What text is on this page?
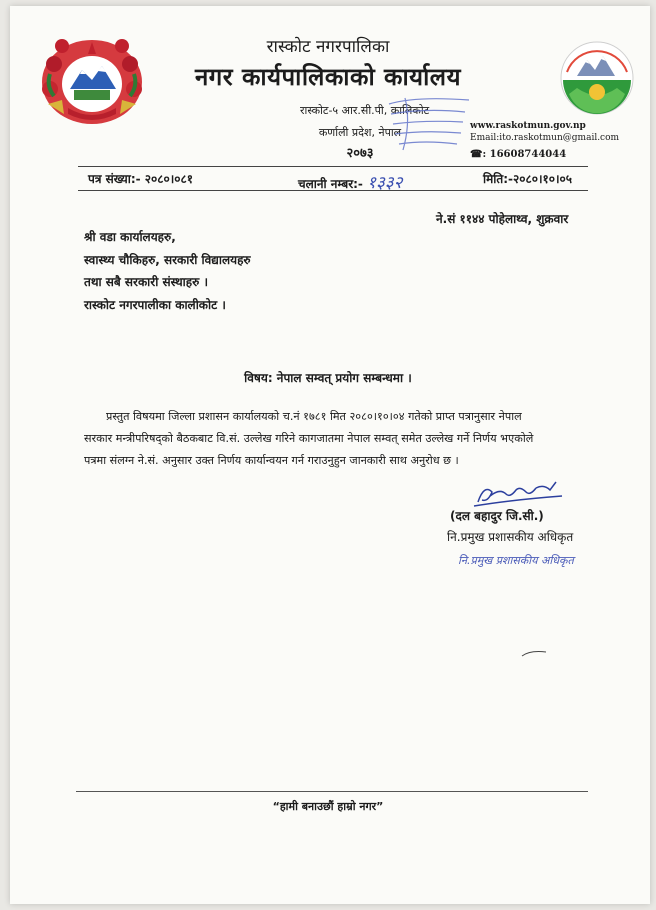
रास्कोट नगरपालिका
नगर कार्यपालिकाको कार्यालय
रास्कोट-५ आर.सी.पी, कालिकोट
कर्णाली प्रदेश, नेपाल
२०७३
www.raskotmun.gov.np
Email:ito.raskotmun@gmail.com
☎: 16608744044
पत्र संख्या:- २०८०।०८१	चलानी नम्बर:- १३३२	मिति:-२०८०।१०।०५
ने.सं ११४४ पोहेलाथ्व, शुक्रवार
श्री वडा कार्यालयहरु,
स्वास्थ्य चौकिहरु, सरकारी विद्यालयहरु
तथा सबै सरकारी संस्थाहरु ।
रास्कोट नगरपालीका कालीकोट ।
विषय: नेपाल सम्वत् प्रयोग सम्बन्धमा ।
प्रस्तुत विषयमा जिल्ला प्रशासन कार्यालयको च.नं १७८१ मित २०८०।१०।०४ गतेको प्राप्त पत्रानुसार नेपाल
सरकार मन्त्रीपरिषद्को बैठकबाट वि.सं. उल्लेख गरिने कागजातमा नेपाल सम्वत् समेत उल्लेख गर्ने निर्णय भएकोले
पत्रमा संलग्न ने.सं. अनुसार उक्त निर्णय कार्यान्वयन गर्न गराउनुहुन जानकारी साथ अनुरोध छ ।
(दल बहादुर जि.सी.)
नि.प्रमुख प्रशासकीय अधिकृत
नि.प्रमुख प्रशासकीय अधिकृत
“हामी बनाउछौं हाम्रो नगर”
